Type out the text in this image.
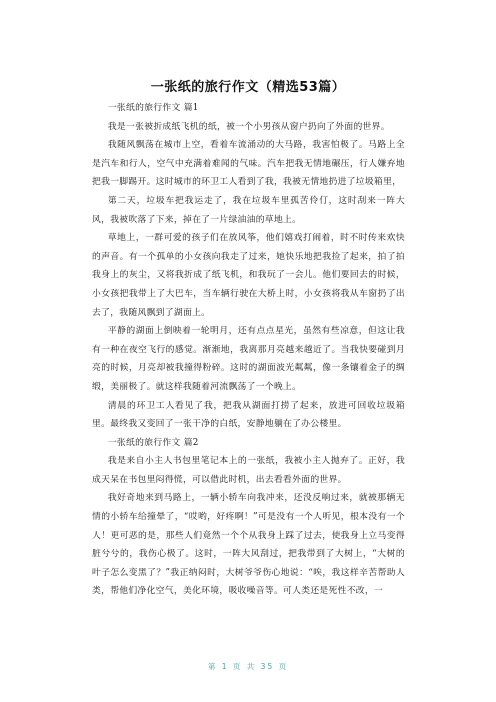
一张纸的旅行作文（精选53篇）

一张纸的旅行作文 篇1

我是一张被折成纸飞机的纸，被一个小男孩从窗户扔向了外面的世界。

我随风飘荡在城市上空，看着车流涌动的大马路，我害怕极了。马路上全是汽车和行人，空气中充满着难闻的气味。汽车把我无情地碾压，行人嫌弃地把我一脚踢开。这时城市的环卫工人看到了我，我被无情地扔进了垃圾箱里，

第二天，垃圾车把我运走了，我在垃圾车里孤苦伶仃，这时刮来一阵大风，我被吹落了下来，掉在了一片绿油油的草地上。

草地上，一群可爱的孩子们在放风筝，他们嬉戏打闹着，时不时传来欢快的声音。有一个孤单的小女孩向我走了过来，她快乐地把我捡了起来，拍了拍我身上的灰尘，又将我折成了纸飞机，和我玩了一会儿。他们要回去的时候，小女孩把我带上了大巴车，当车辆行驶在大桥上时，小女孩将我从车窗扔了出去了，我随风飘到了湖面上。

平静的湖面上倒映着一轮明月，还有点点星光，虽然有些凉意，但这让我有一种在夜空飞行的感觉。渐渐地，我离那月亮越来越近了。当我快要碰到月亮的时候，月亮却被我撞得粉碎。这时的湖面波光粼粼，像一条镶着金子的绸缎，美丽极了。就这样我随着河流飘荡了一个晚上。

清晨的环卫工人看见了我，把我从湖面打捞了起来，放进可回收垃圾箱里。最终我又变回了一张干净的白纸，安静地躺在了办公楼里。

一张纸的旅行作文 篇2

我是来自小主人书包里笔记本上的一张纸，我被小主人抛弃了。正好，我成天呆在书包里闷得慌，可以借此时机，出去看看外面的世界。

我好奇地来到马路上，一辆小轿车向我冲来，还没反响过来，就被那辆无情的小轿车给撞晕了，“哎哟，好疼啊！”可是没有一个人听见，根本没有一个人！更可恶的是，那些人们竟然一个个从我身上踩了过去，使我身上立马变得脏兮兮的，我伤心极了。这时，一阵大风刮过，把我带到了大树上，“大树的叶子怎么变黑了？”我正纳闷时，大树爷爷伤心地说：“唉，我这样辛苦帮助人类，帮他们净化空气，美化环境，吸收噪音等。可人类还是死性不改，一

第 1 页 共 35 页
